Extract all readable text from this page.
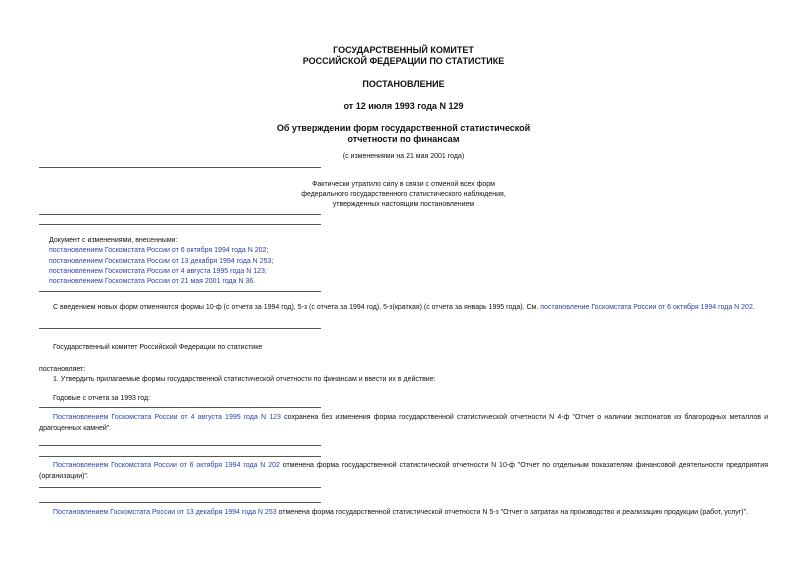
ГОСУДАРСТВЕННЫЙ КОМИТЕТ
РОССИЙСКОЙ ФЕДЕРАЦИИ ПО СТАТИСТИКЕ
ПОСТАНОВЛЕНИЕ
от 12 июля 1993 года N 129
Об утверждении форм государственной статистической
отчетности по финансам
(с изменениями на 21 мая 2001 года)
Фактически утратило силу в связи с отменой всех форм
федерального государственного статистического наблюдения,
утвержденных настоящим постановлением
Документ с изменениями, внесенными:
постановлением Госкомстата России от 6 октября 1994 года N 202;
постановлением Госкомстата России от 13 декабря 1994 года N 253;
постановлением Госкомстата России от 4 августа 1995 года N 123;
постановлением Госкомстата России от 21 мая 2001 года N 36.
С введением новых форм отменяются формы 10-ф (с отчета за 1994 год), 5-з (с отчета за 1994 год), 5-з(краткая) (с отчета за январь 1995 года). См. постановление Госкомстата России от 6 октября 1994 года N 202.
Государственный комитет Российской Федерации по статистике
постановляет:
1. Утвердить прилагаемые формы государственной статистической отчетности по финансам и ввести их в действие:
Годовые с отчета за 1993 год:
Постановлением Госкомстата России от 4 августа 1995 года N 123 сохранена без изменения форма государственной статистической отчетности N 4-ф "Отчет о наличии экспонатов из благородных металлов и драгоценных камней".
Постановлением Госкомстата России от 6 октября 1994 года N 202 отменена форма государственной статистической отчетности N 10-ф "Отчет по отдельным показателям финансовой деятельности предприятия (организации)".
Постановлением Госкомстата России от 13 декабря 1994 года N 253 отменена форма государственной статистической отчетности N 5-з "Отчет о затратах на производство и реализацию продукции (работ, услуг)".
